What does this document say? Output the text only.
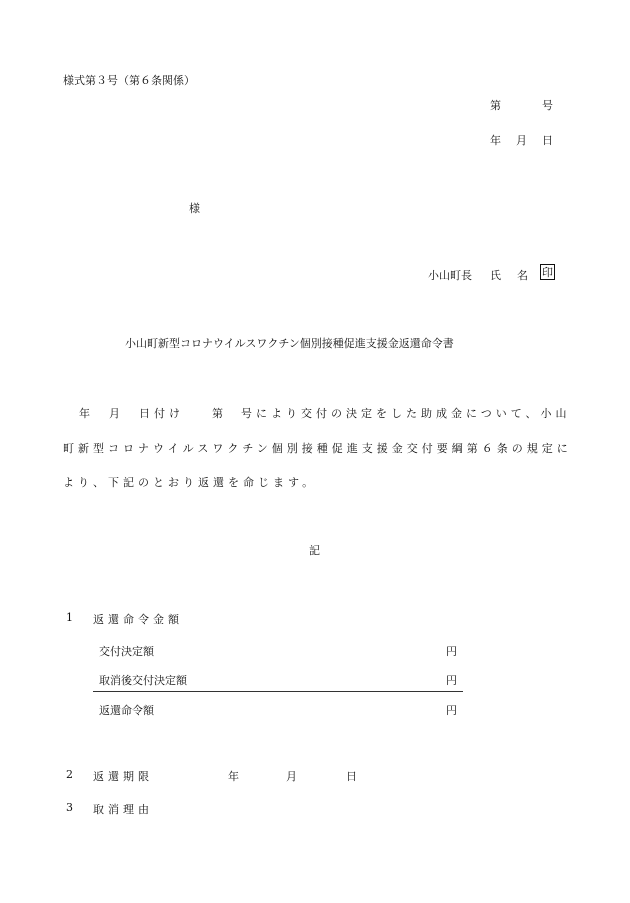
様式第３号（第６条関係）
第	号
年 月 日
様
小山町長 氏 名 印
小山町新型コロナウイルスワクチン個別接種促進支援金返還命令書
年 月 日付け	第 号により交付の決定をした助成金について、小山
町新型コロナウイルスワクチン個別接種促進支援金交付要綱第６条の規定に
より、下記のとおり返還を命じます。
記
1 返還命令金額
交付決定額	円
取消後交付決定額	円
返還命令額	円
2 返還期限	年	月	日
3 取消理由
